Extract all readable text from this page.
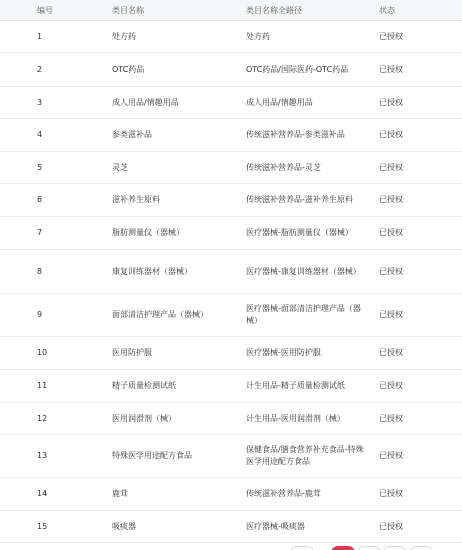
编号	类目名称	类目名称全路径	状态
1	处方药	处方药	已授权
2	OTC药品	OTC药品/国际医药-OTC药品	已授权
3	成人用品/情趣用品	成人用品/情趣用品	已授权
4	参类滋补品	传统滋补营养品-参类滋补品	已授权
5	灵芝	传统滋补营养品-灵芝	已授权
6	滋补养生原料	传统滋补营养品-滋补养生原料	已授权
7	脂肪测量仪（器械）	医疗器械-脂肪测量仪（器械）	已授权
8	康复训练器材（器械）	医疗器械-康复训练器材（器械）	已授权
9	面部清洁护理产品（器械）	医疗器械-面部清洁护理产品（器械）	已授权
10	医用防护服	医疗器械-医用防护服	已授权
11	精子质量检测试纸	计生用品-精子质量检测试纸	已授权
12	医用润滑剂（械）	计生用品-医用润滑剂（械）	已授权
13	特殊医学用途配方食品	保健食品/膳食营养补充食品-特殊医学用途配方食品	已授权
14	鹿茸	传统滋补营养品-鹿茸	已授权
15	吸痰器	医疗器械-吸痰器	已授权
